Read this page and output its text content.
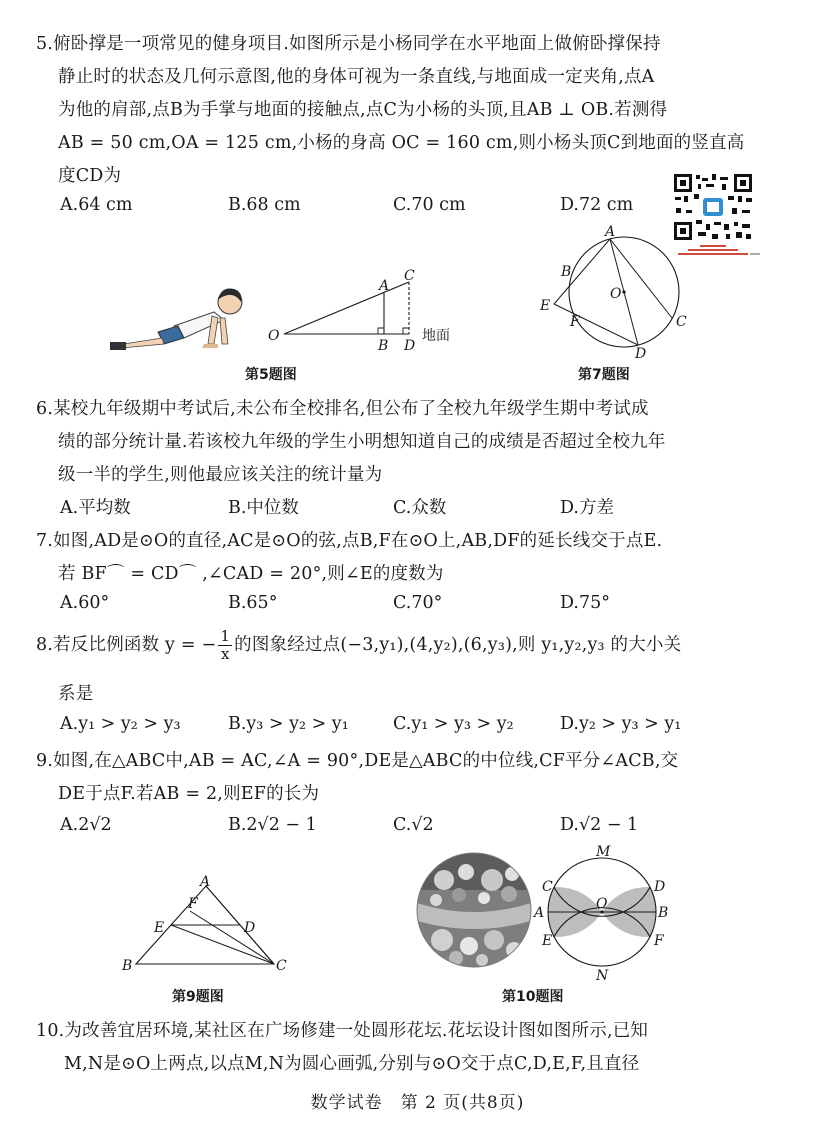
5.俯卧撑是一项常见的健身项目.如图所示是小杨同学在水平地面上做俯卧撑保持
静止时的状态及几何示意图,他的身体可视为一条直线,与地面成一定夹角,点A
为他的肩部,点B为手掌与地面的接触点,点C为小杨的头顶,且AB ⊥ OB.若测得
AB = 50 cm,OA = 125 cm,小杨的身高 OC = 160 cm,则小杨头顶C到地面的竖直高
度CD为
A.64 cm	B.68 cm	C.70 cm	D.72 cm
O
A
C
B D
地面
第5题图
A
B
O
E
F	C
D
第7题图
6.某校九年级期中考试后,未公布全校排名,但公布了全校九年级学生期中考试成
绩的部分统计量.若该校九年级的学生小明想知道自己的成绩是否超过全校九年
级一半的学生,则他最应该关注的统计量为
A.平均数	B.中位数	C.众数	D.方差
7.如图,AD是⊙O的直径,AC是⊙O的弦,点B,F在⊙O上,AB,DF的延长线交于点E.
若 BF⌒ = CD⌒ ,∠CAD = 20°,则∠E的度数为
A.60°	B.65°	C.70°	D.75°
8.若反比例函数 y = − $\frac{1}{x}$ 的图象经过点(−3,y₁),(4,y₂),(6,y₃),则 y₁,y₂,y₃ 的大小关
系是
A.y₁ > y₂ > y₃	B.y₃ > y₂ > y₁	C.y₁ > y₃ > y₂	D.y₂ > y₃ > y₁
9.如图,在△ABC中,AB = AC,∠A = 90°,DE是△ABC的中位线,CF平分∠ACB,交
DE于点F.若AB = 2,则EF的长为
A.2√2	B.2√2 − 1	C.√2	D.√2 − 1
A
F
E	D
B	C
第9题图
M
C	D
A
O
B
E	F
N
第10题图
10.为改善宜居环境,某社区在广场修建一处圆形花坛.花坛设计图如图所示,已知
M,N是⊙O上两点,以点M,N为圆心画弧,分别与⊙O交于点C,D,E,F,且直径
数学试卷　第 2 页(共8页)
